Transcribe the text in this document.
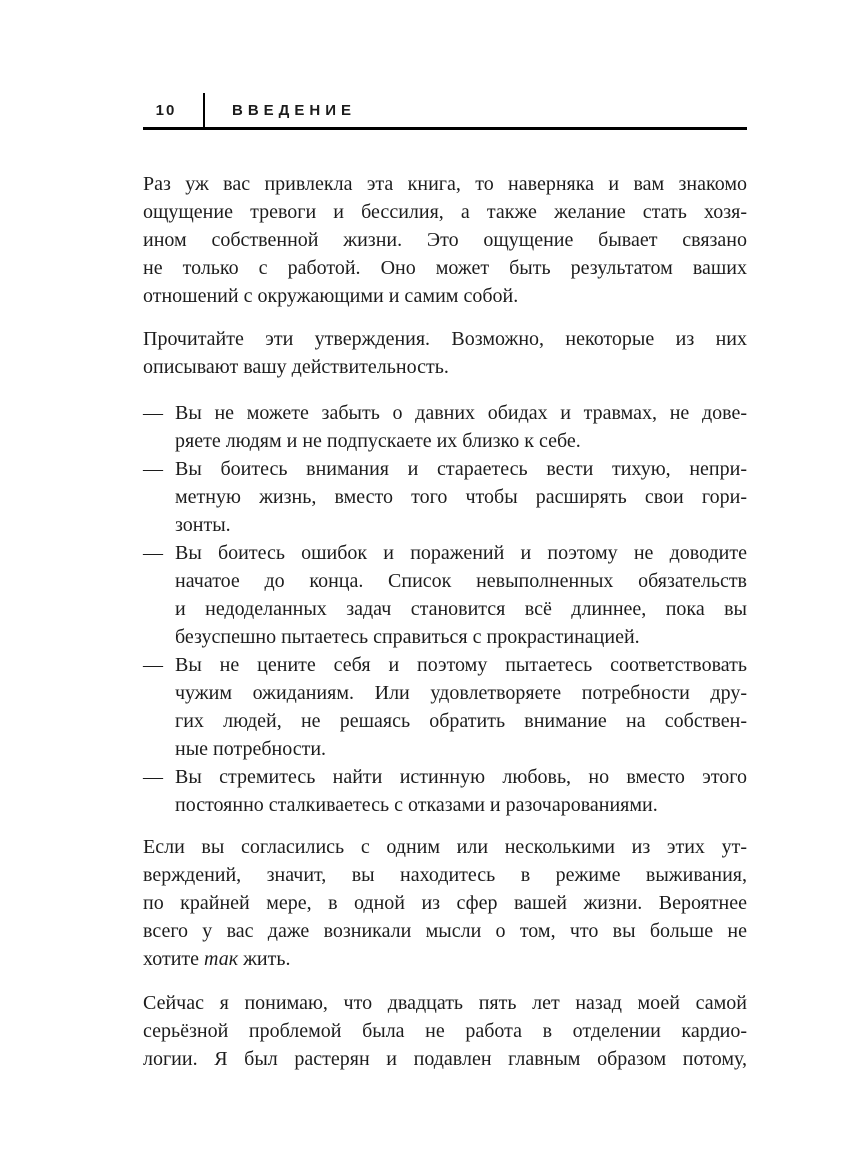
10	ВВЕДЕНИЕ
Раз уж вас привлекла эта книга, то наверняка и вам знакомо
ощущение тревоги и бессилия, а также желание стать хозя-
ином собственной жизни. Это ощущение бывает связано
не только с работой. Оно может быть результатом ваших
отношений с окружающими и самим собой.
Прочитайте эти утверждения. Возможно, некоторые из них
описывают вашу действительность.
— Вы не можете забыть о давних обидах и травмах, не дове-
ряете людям и не подпускаете их близко к себе.
— Вы боитесь внимания и стараетесь вести тихую, непри-
метную жизнь, вместо того чтобы расширять свои гори-
зонты.
— Вы боитесь ошибок и поражений и поэтому не доводите
начатое до конца. Список невыполненных обязательств
и недоделанных задач становится всё длиннее, пока вы
безуспешно пытаетесь справиться с прокрастинацией.
— Вы не цените себя и поэтому пытаетесь соответствовать
чужим ожиданиям. Или удовлетворяете потребности дру-
гих людей, не решаясь обратить внимание на собствен-
ные потребности.
— Вы стремитесь найти истинную любовь, но вместо этого
постоянно сталкиваетесь с отказами и разочарованиями.
Если вы согласились с одним или несколькими из этих ут-
верждений, значит, вы находитесь в режиме выживания,
по крайней мере, в одной из сфер вашей жизни. Вероятнее
всего у вас даже возникали мысли о том, что вы больше не
хотите так жить.
Сейчас я понимаю, что двадцать пять лет назад моей самой
серьёзной проблемой была не работа в отделении кардио-
логии. Я был растерян и подавлен главным образом потому,
